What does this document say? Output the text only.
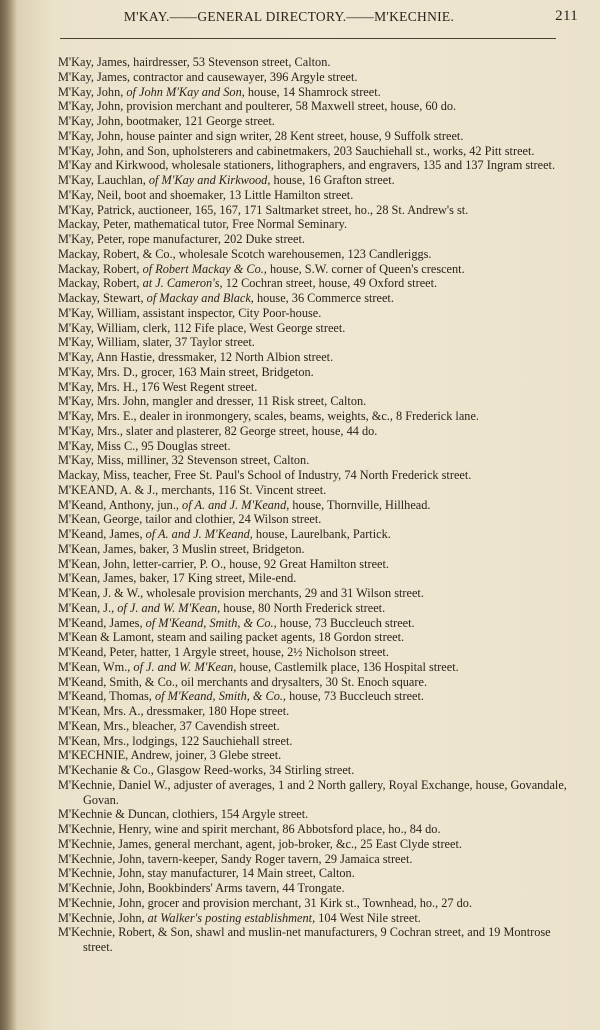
M'KAY.——GENERAL DIRECTORY.——M'KECHNIE.	211
M'Kay, James, hairdresser, 53 Stevenson street, Calton.
M'Kay, James, contractor and causewayer, 396 Argyle street.
M'Kay, John, of John M'Kay and Son, house, 14 Shamrock street.
M'Kay, John, provision merchant and poulterer, 58 Maxwell street, house, 60 do.
M'Kay, John, bootmaker, 121 George street.
M'Kay, John, house painter and sign writer, 28 Kent street, house, 9 Suffolk street.
M'Kay, John, and Son, upholsterers and cabinetmakers, 203 Sauchiehall st., works, 42 Pitt street.
M'Kay and Kirkwood, wholesale stationers, lithographers, and engravers, 135 and 137 Ingram street.
M'Kay, Lauchlan, of M'Kay and Kirkwood, house, 16 Grafton street.
M'Kay, Neil, boot and shoemaker, 13 Little Hamilton street.
M'Kay, Patrick, auctioneer, 165, 167, 171 Saltmarket street, ho., 28 St. Andrew's st.
Mackay, Peter, mathematical tutor, Free Normal Seminary.
M'Kay, Peter, rope manufacturer, 202 Duke street.
Mackay, Robert, & Co., wholesale Scotch warehousemen, 123 Candleriggs.
Mackay, Robert, of Robert Mackay & Co., house, S.W. corner of Queen's crescent.
Mackay, Robert, at J. Cameron's, 12 Cochran street, house, 49 Oxford street.
Mackay, Stewart, of Mackay and Black, house, 36 Commerce street.
M'Kay, William, assistant inspector, City Poor-house.
M'Kay, William, clerk, 112 Fife place, West George street.
M'Kay, William, slater, 37 Taylor street.
M'Kay, Ann Hastie, dressmaker, 12 North Albion street.
M'Kay, Mrs. D., grocer, 163 Main street, Bridgeton.
M'Kay, Mrs. H., 176 West Regent street.
M'Kay, Mrs. John, mangler and dresser, 11 Risk street, Calton.
M'Kay, Mrs. E., dealer in ironmongery, scales, beams, weights, &c., 8 Frederick lane.
M'Kay, Mrs., slater and plasterer, 82 George street, house, 44 do.
M'Kay, Miss C., 95 Douglas street.
M'Kay, Miss, milliner, 32 Stevenson street, Calton.
Mackay, Miss, teacher, Free St. Paul's School of Industry, 74 North Frederick street.
M'KEAND, A. & J., merchants, 116 St. Vincent street.
M'Keand, Anthony, jun., of A. and J. M'Keand, house, Thornville, Hillhead.
M'Kean, George, tailor and clothier, 24 Wilson street.
M'Keand, James, of A. and J. M'Keand, house, Laurelbank, Partick.
M'Kean, James, baker, 3 Muslin street, Bridgeton.
M'Kean, John, letter-carrier, P. O., house, 92 Great Hamilton street.
M'Kean, James, baker, 17 King street, Mile-end.
M'Kean, J. & W., wholesale provision merchants, 29 and 31 Wilson street.
M'Kean, J., of J. and W. M'Kean, house, 80 North Frederick street.
M'Keand, James, of M'Keand, Smith, & Co., house, 73 Buccleuch street.
M'Kean & Lamont, steam and sailing packet agents, 18 Gordon street.
M'Keand, Peter, hatter, 1 Argyle street, house, 2½ Nicholson street.
M'Kean, Wm., of J. and W. M'Kean, house, Castlemilk place, 136 Hospital street.
M'Keand, Smith, & Co., oil merchants and drysalters, 30 St. Enoch square.
M'Keand, Thomas, of M'Keand, Smith, & Co., house, 73 Buccleuch street.
M'Kean, Mrs. A., dressmaker, 180 Hope street.
M'Kean, Mrs., bleacher, 37 Cavendish street.
M'Kean, Mrs., lodgings, 122 Sauchiehall street.
M'KECHNIE, Andrew, joiner, 3 Glebe street.
M'Kechanie & Co., Glasgow Reed-works, 34 Stirling street.
M'Kechnie, Daniel W., adjuster of averages, 1 and 2 North gallery, Royal Exchange, house, Govandale, Govan.
M'Kechnie & Duncan, clothiers, 154 Argyle street.
M'Kechnie, Henry, wine and spirit merchant, 86 Abbotsford place, ho., 84 do.
M'Kechnie, James, general merchant, agent, job-broker, &c., 25 East Clyde street.
M'Kechnie, John, tavern-keeper, Sandy Roger tavern, 29 Jamaica street.
M'Kechnie, John, stay manufacturer, 14 Main street, Calton.
M'Kechnie, John, Bookbinders' Arms tavern, 44 Trongate.
M'Kechnie, John, grocer and provision merchant, 31 Kirk st., Townhead, ho., 27 do.
M'Kechnie, John, at Walker's posting establishment, 104 West Nile street.
M'Kechnie, Robert, & Son, shawl and muslin-net manufacturers, 9 Cochran street, and 19 Montrose street.
